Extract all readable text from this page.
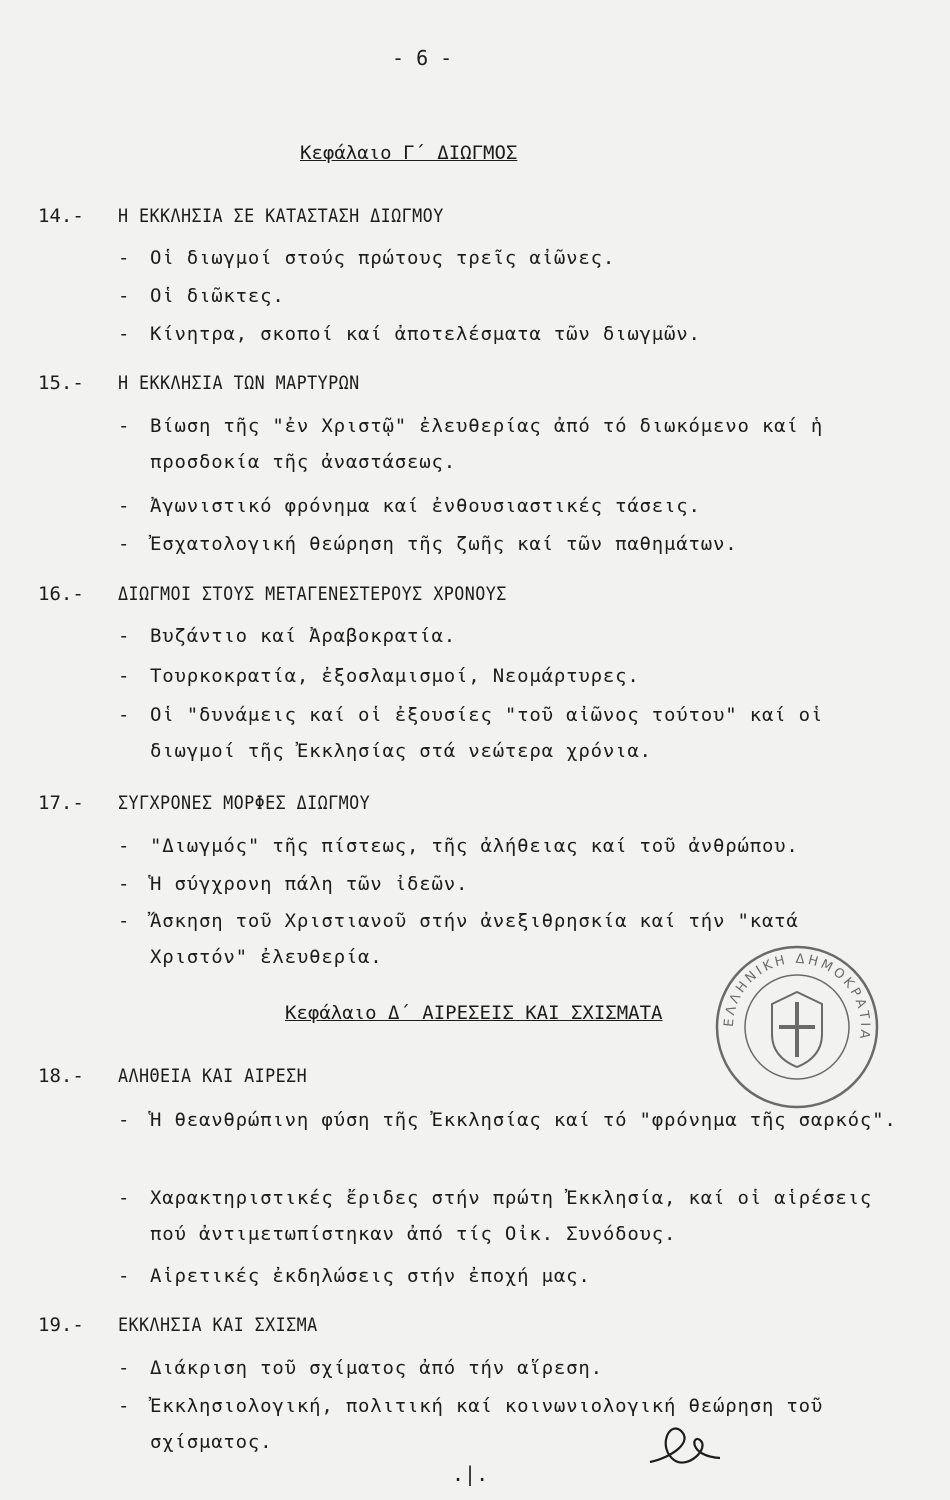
- 6 -
Κεφάλαιο Γ΄ ΔΙΩΓΜΟΣ
14.- Η ΕΚΚΛΗΣΙΑ ΣΕ ΚΑΤΑΣΤΑΣΗ ΔΙΩΓΜΟΥ
-	Οἱ διωγμοί στούς πρώτους τρεῖς αἰῶνες.
-	Οἱ διῶκτες.
-	Κίνητρα, σκοποί καί ἀποτελέσματα τῶν διωγμῶν.
15.- Η ΕΚΚΛΗΣΙΑ ΤΩΝ ΜΑΡΤΥΡΩΝ
-	Βίωση τῆς "ἐν Χριστῷ" ἐλευθερίας ἀπό τό διωκόμενο καί ἡ προσδοκία τῆς ἀναστάσεως.
-	Ἀγωνιστικό φρόνημα καί ἐνθουσιαστικές τάσεις.
-	Ἐσχατολογική θεώρηση τῆς ζωῆς καί τῶν παθημάτων.
16.- ΔΙΩΓΜΟΙ ΣΤΟΥΣ ΜΕΤΑΓΕΝΕΣΤΕΡΟΥΣ ΧΡΟΝΟΥΣ
-	Βυζάντιο καί Ἀραβοκρατία.
-	Τουρκοκρατία, ἐξοσλαμισμοί, Νεομάρτυρες.
-	Οἱ "δυνάμεις καί οἱ ἐξουσίες "τοῦ αἰῶνος τούτου" καί οἱ διωγμοί τῆς Ἐκκλησίας στά νεώτερα χρόνια.
17.- ΣΥΓΧΡΟΝΕΣ ΜΟΡΦΕΣ ΔΙΩΓΜΟΥ
-	"Διωγμός" τῆς πίστεως, τῆς ἀλήθειας καί τοῦ ἀνθρώπου.
-	Ἡ σύγχρονη πάλη τῶν ἰδεῶν.
-	Ἄσκηση τοῦ Χριστιανοῦ στήν ἀνεξιθρησκία καί τήν "κατά Χριστόν" ἐλευθερία.
Κεφάλαιο Δ΄ ΑΙΡΕΣΕΙΣ ΚΑΙ ΣΧΙΣΜΑΤΑ
18.- ΑΛΗΘΕΙΑ ΚΑΙ ΑΙΡΕΣΗ
-	Ἡ θεανθρώπινη φύση τῆς Ἐκκλησίας καί τό "φρόνημα τῆς σαρκός".
-	Χαρακτηριστικές ἔριδες στήν πρώτη Ἐκκλησία, καί οἱ αἱρέσεις πού ἀντιμετωπίστηκαν ἀπό τίς Οἰκ. Συνόδους.
-	Αἱρετικές ἐκδηλώσεις στήν ἐποχή μας.
19.- ΕΚΚΛΗΣΙΑ ΚΑΙ ΣΧΙΣΜΑ
-	Διάκριση τοῦ σχίματος ἀπό τήν αἵρεση.
-	Ἐκκλησιολογική, πολιτική καί κοινωνιολογική θεώρηση τοῦ σχίσματος.
ΕΛΛΗΝΙΚΗ ΔΗΜΟΚΡΑΤΙΑ
.|.
